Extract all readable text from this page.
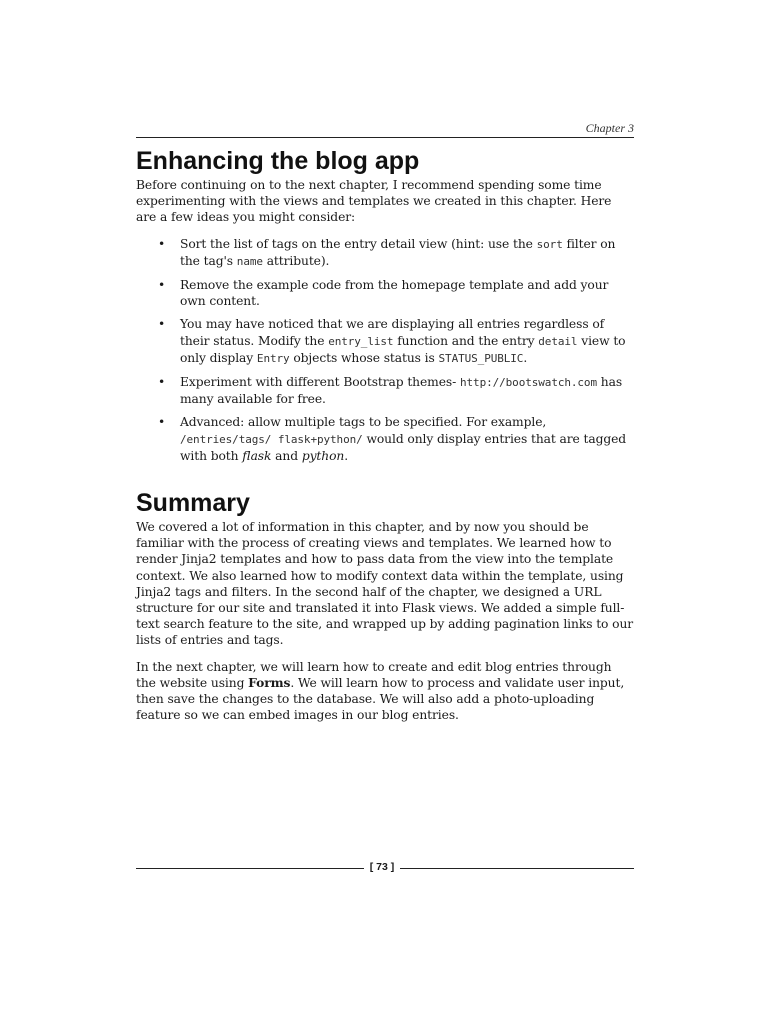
Chapter 3
Enhancing the blog app

Before continuing on to the next chapter, I recommend spending some time experimenting with the views and templates we created in this chapter. Here are a few ideas you might consider:

• Sort the list of tags on the entry detail view (hint: use the sort filter on the tag's name attribute).
• Remove the example code from the homepage template and add your own content.
• You may have noticed that we are displaying all entries regardless of their status. Modify the entry_list function and the entry detail view to only display Entry objects whose status is STATUS_PUBLIC.
• Experiment with different Bootstrap themes- http://bootswatch.com has many available for free.
• Advanced: allow multiple tags to be specified. For example, /entries/tags/ flask+python/ would only display entries that are tagged with both flask and python.
Summary

We covered a lot of information in this chapter, and by now you should be familiar with the process of creating views and templates. We learned how to render Jinja2 templates and how to pass data from the view into the template context. We also learned how to modify context data within the template, using Jinja2 tags and filters. In the second half of the chapter, we designed a URL structure for our site and translated it into Flask views. We added a simple full-text search feature to the site, and wrapped up by adding pagination links to our lists of entries and tags.

In the next chapter, we will learn how to create and edit blog entries through the website using Forms. We will learn how to process and validate user input, then save the changes to the database. We will also add a photo-uploading feature so we can embed images in our blog entries.

[ 73 ]
